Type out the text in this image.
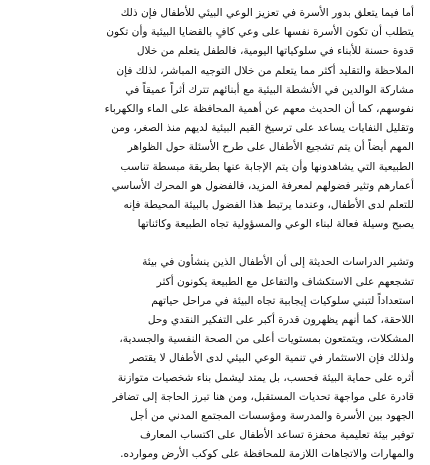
أما فيما يتعلق بدور الأسرة في تعزيز الوعي البيئي للأطفال فإن ذلك
يتطلب أن تكون الأسرة نفسها على وعي كافٍ بالقضايا البيئية وأن تكون
قدوة حسنة للأبناء في سلوكياتها اليومية، فالطفل يتعلم من خلال
الملاحظة والتقليد أكثر مما يتعلم من خلال التوجيه المباشر، لذلك فإن
مشاركة الوالدين في الأنشطة البيئية مع أبنائهم تترك أثراً عميقاً في
نفوسهم، كما أن الحديث معهم عن أهمية المحافظة على الماء والكهرباء
وتقليل النفايات يساعد على ترسيخ القيم البيئية لديهم منذ الصغر، ومن
المهم أيضاً أن يتم تشجيع الأطفال على طرح الأسئلة حول الظواهر
الطبيعية التي يشاهدونها وأن يتم الإجابة عنها بطريقة مبسطة تناسب
أعمارهم وتثير فضولهم لمعرفة المزيد، فالفضول هو المحرك الأساسي
للتعلم لدى الأطفال، وعندما يرتبط هذا الفضول بالبيئة المحيطة فإنه
يصبح وسيلة فعالة لبناء الوعي والمسؤولية تجاه الطبيعة وكائناتها
وتشير الدراسات الحديثة إلى أن الأطفال الذين ينشأون في بيئة
تشجعهم على الاستكشاف والتفاعل مع الطبيعة يكونون أكثر
استعداداً لتبني سلوكيات إيجابية تجاه البيئة في مراحل حياتهم
اللاحقة، كما أنهم يظهرون قدرة أكبر على التفكير النقدي وحل
المشكلات، ويتمتعون بمستويات أعلى من الصحة النفسية والجسدية،
ولذلك فإن الاستثمار في تنمية الوعي البيئي لدى الأطفال لا يقتصر
أثره على حماية البيئة فحسب، بل يمتد ليشمل بناء شخصيات متوازنة
قادرة على مواجهة تحديات المستقبل، ومن هنا تبرز الحاجة إلى تضافر
الجهود بين الأسرة والمدرسة ومؤسسات المجتمع المدني من أجل
توفير بيئة تعليمية محفزة تساعد الأطفال على اكتساب المعارف
والمهارات والاتجاهات اللازمة للمحافظة على كوكب الأرض وموارده.
